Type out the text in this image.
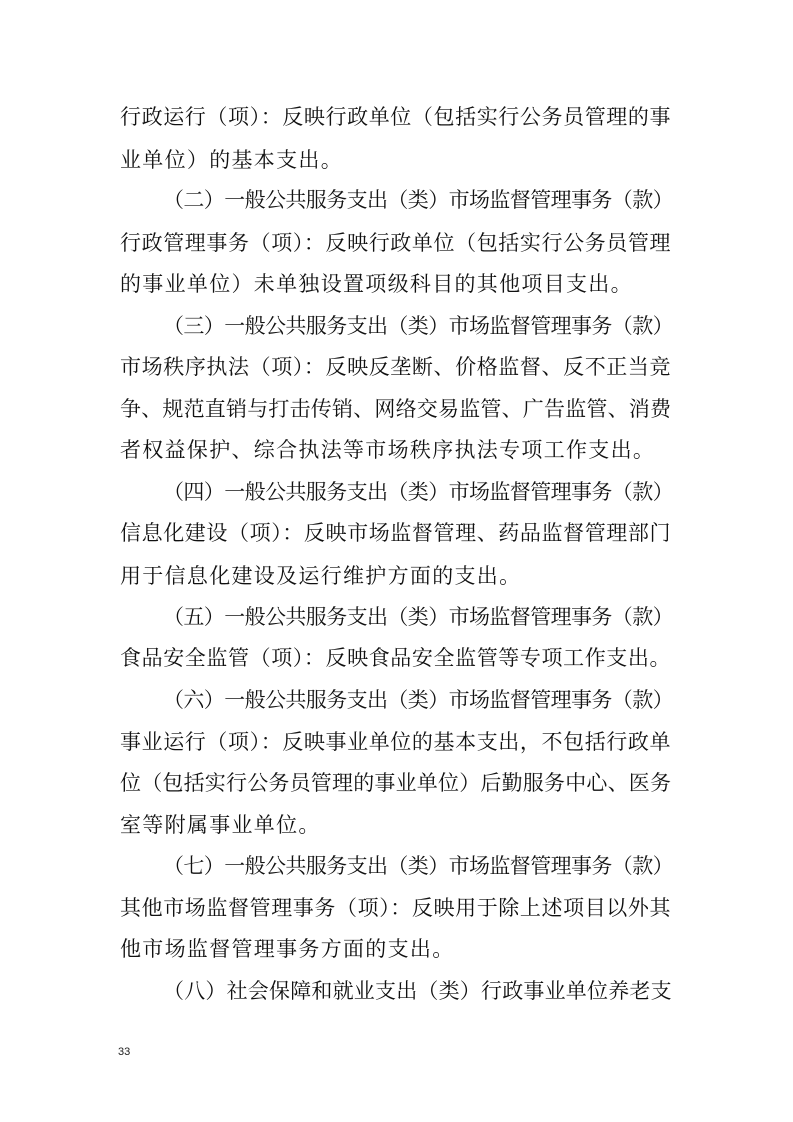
行政运行（项）：反映行政单位（包括实行公务员管理的事
业单位）的基本支出。
（二）一般公共服务支出（类）市场监督管理事务（款）
行政管理事务（项）：反映行政单位（包括实行公务员管理
的事业单位）未单独设置项级科目的其他项目支出。
（三）一般公共服务支出（类）市场监督管理事务（款）
市场秩序执法（项）：反映反垄断、价格监督、反不正当竞
争、规范直销与打击传销、网络交易监管、广告监管、消费
者权益保护、综合执法等市场秩序执法专项工作支出。
（四）一般公共服务支出（类）市场监督管理事务（款）
信息化建设（项）：反映市场监督管理、药品监督管理部门
用于信息化建设及运行维护方面的支出。
（五）一般公共服务支出（类）市场监督管理事务（款）
食品安全监管（项）：反映食品安全监管等专项工作支出。
（六）一般公共服务支出（类）市场监督管理事务（款）
事业运行（项）：反映事业单位的基本支出，不包括行政单
位（包括实行公务员管理的事业单位）后勤服务中心、医务
室等附属事业单位。
（七）一般公共服务支出（类）市场监督管理事务（款）
其他市场监督管理事务（项）：反映用于除上述项目以外其
他市场监督管理事务方面的支出。
（八）社会保障和就业支出（类）行政事业单位养老支
33
